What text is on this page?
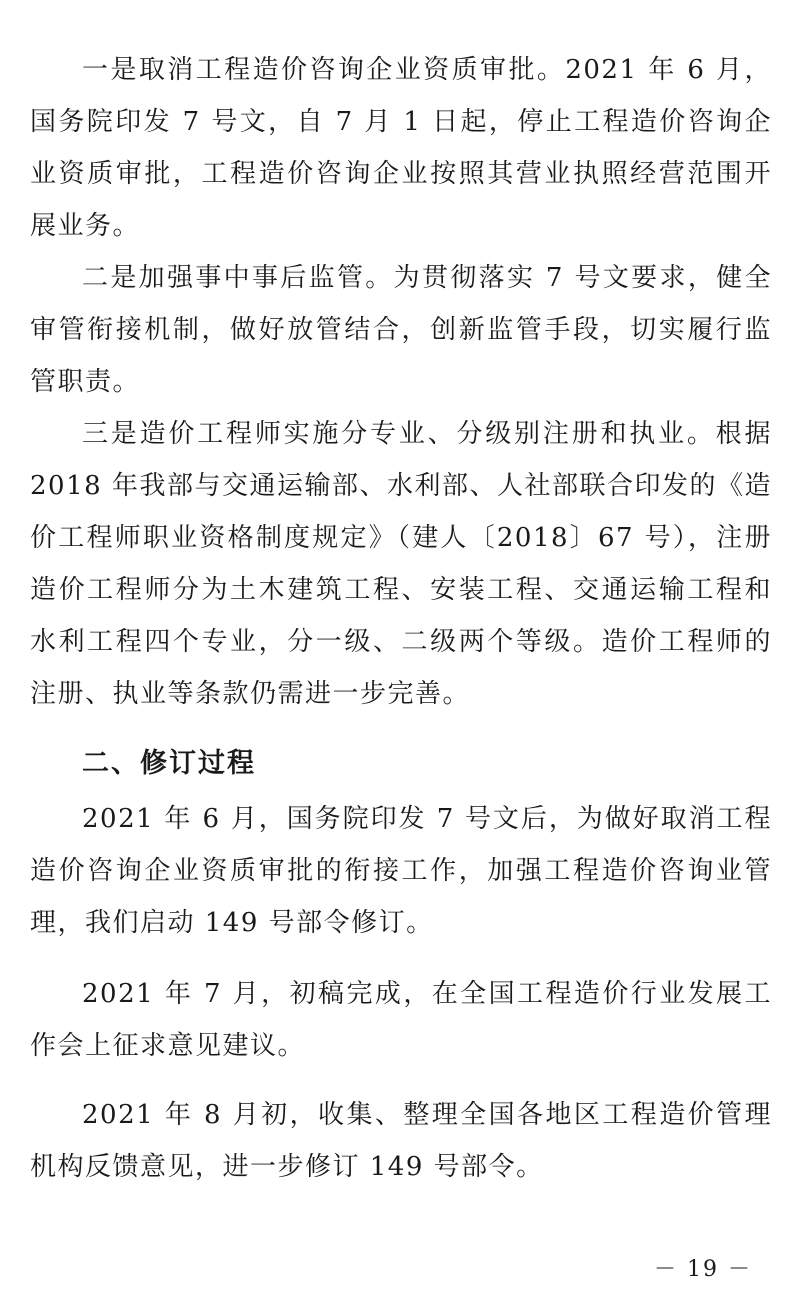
一是取消工程造价咨询企业资质审批。2021 年 6 月，国务院印发 7 号文，自 7 月 1 日起，停止工程造价咨询企业资质审批，工程造价咨询企业按照其营业执照经营范围开展业务。

二是加强事中事后监管。为贯彻落实 7 号文要求，健全审管衔接机制，做好放管结合，创新监管手段，切实履行监管职责。

三是造价工程师实施分专业、分级别注册和执业。根据 2018 年我部与交通运输部、水利部、人社部联合印发的《造价工程师职业资格制度规定》（建人〔2018〕67 号），注册造价工程师分为土木建筑工程、安装工程、交通运输工程和水利工程四个专业，分一级、二级两个等级。造价工程师的注册、执业等条款仍需进一步完善。

二、修订过程

2021 年 6 月，国务院印发 7 号文后，为做好取消工程造价咨询企业资质审批的衔接工作，加强工程造价咨询业管理，我们启动 149 号部令修订。

2021 年 7 月，初稿完成，在全国工程造价行业发展工作会上征求意见建议。

2021 年 8 月初，收集、整理全国各地区工程造价管理机构反馈意见，进一步修订 149 号部令。

－ 19 －
